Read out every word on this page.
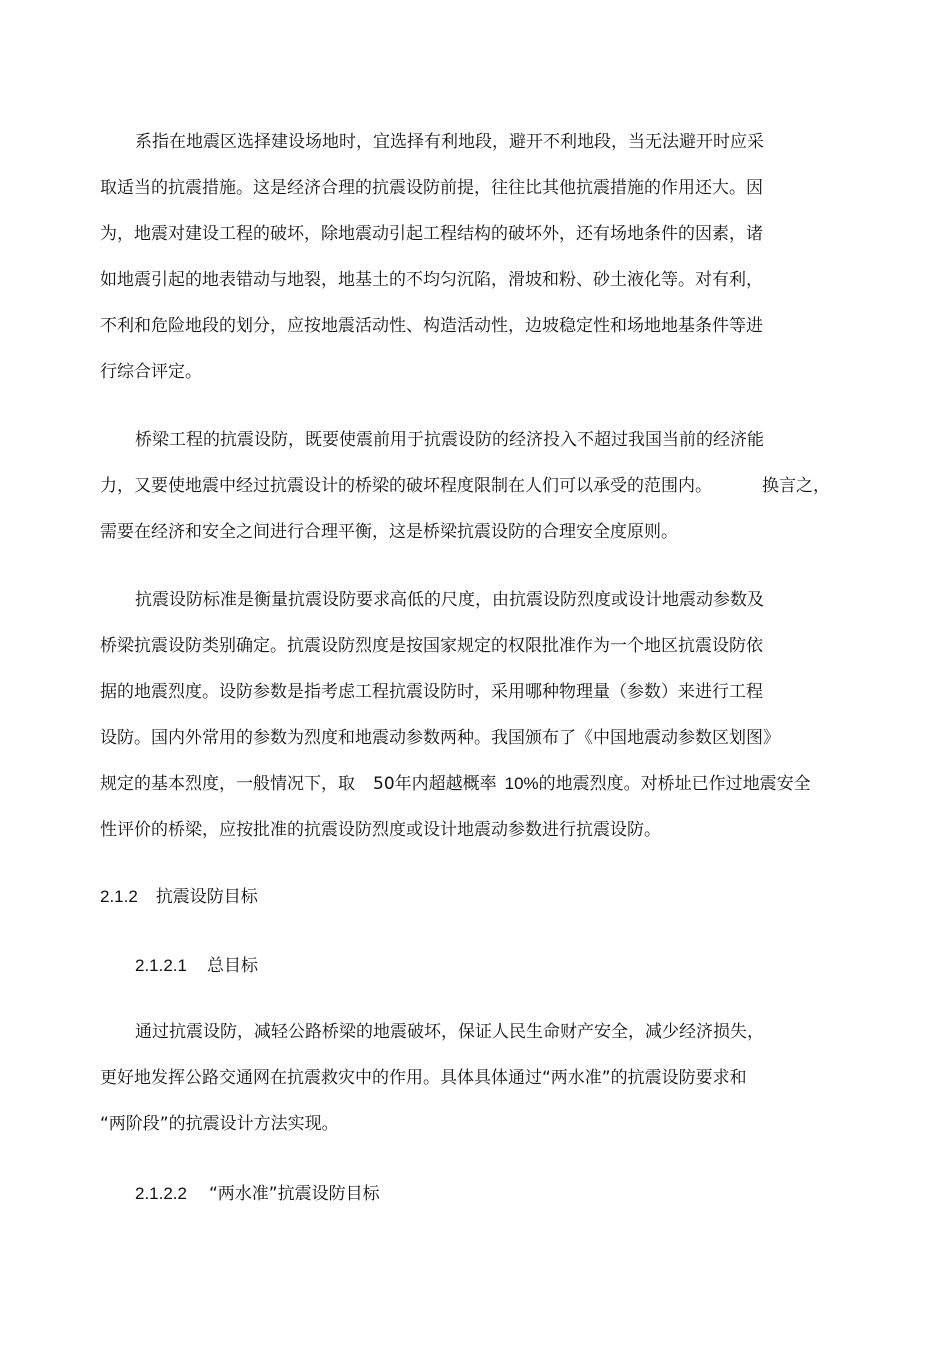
系指在地震区选择建设场地时，宜选择有利地段，避开不利地段，当无法避开时应采
取适当的抗震措施。这是经济合理的抗震设防前提，往往比其他抗震措施的作用还大。因
为，地震对建设工程的破坏，除地震动引起工程结构的破坏外，还有场地条件的因素，诸
如地震引起的地表错动与地裂，地基土的不均匀沉陷，滑坡和粉、砂土液化等。对有利，
不利和危险地段的划分，应按地震活动性、构造活动性，边坡稳定性和场地地基条件等进
行综合评定。
桥梁工程的抗震设防，既要使震前用于抗震设防的经济投入不超过我国当前的经济能
力，又要使地震中经过抗震设计的桥梁的破坏程度限制在人们可以承受的范围内。	换言之，
需要在经济和安全之间进行合理平衡，这是桥梁抗震设防的合理安全度原则。
抗震设防标准是衡量抗震设防要求高低的尺度，由抗震设防烈度或设计地震动参数及
桥梁抗震设防类别确定。抗震设防烈度是按国家规定的权限批准作为一个地区抗震设防依
据的地震烈度。设防参数是指考虑工程抗震设防时，采用哪种物理量（参数）来进行工程
设防。国内外常用的参数为烈度和地震动参数两种。我国颁布了《中国地震动参数区划图》
规定的基本烈度，一般情况下，取 50年内超越概率 10%的地震烈度。对桥址已作过地震安全
性评价的桥梁，应按批准的抗震设防烈度或设计地震动参数进行抗震设防。
2.1.2 抗震设防目标
2.1.2.1 总目标
通过抗震设防，减轻公路桥梁的地震破坏，保证人民生命财产安全，减少经济损失，
更好地发挥公路交通网在抗震救灾中的作用。具体具体通过“两水准”的抗震设防要求和
“两阶段”的抗震设计方法实现。
2.1.2.2 “两水准”抗震设防目标
